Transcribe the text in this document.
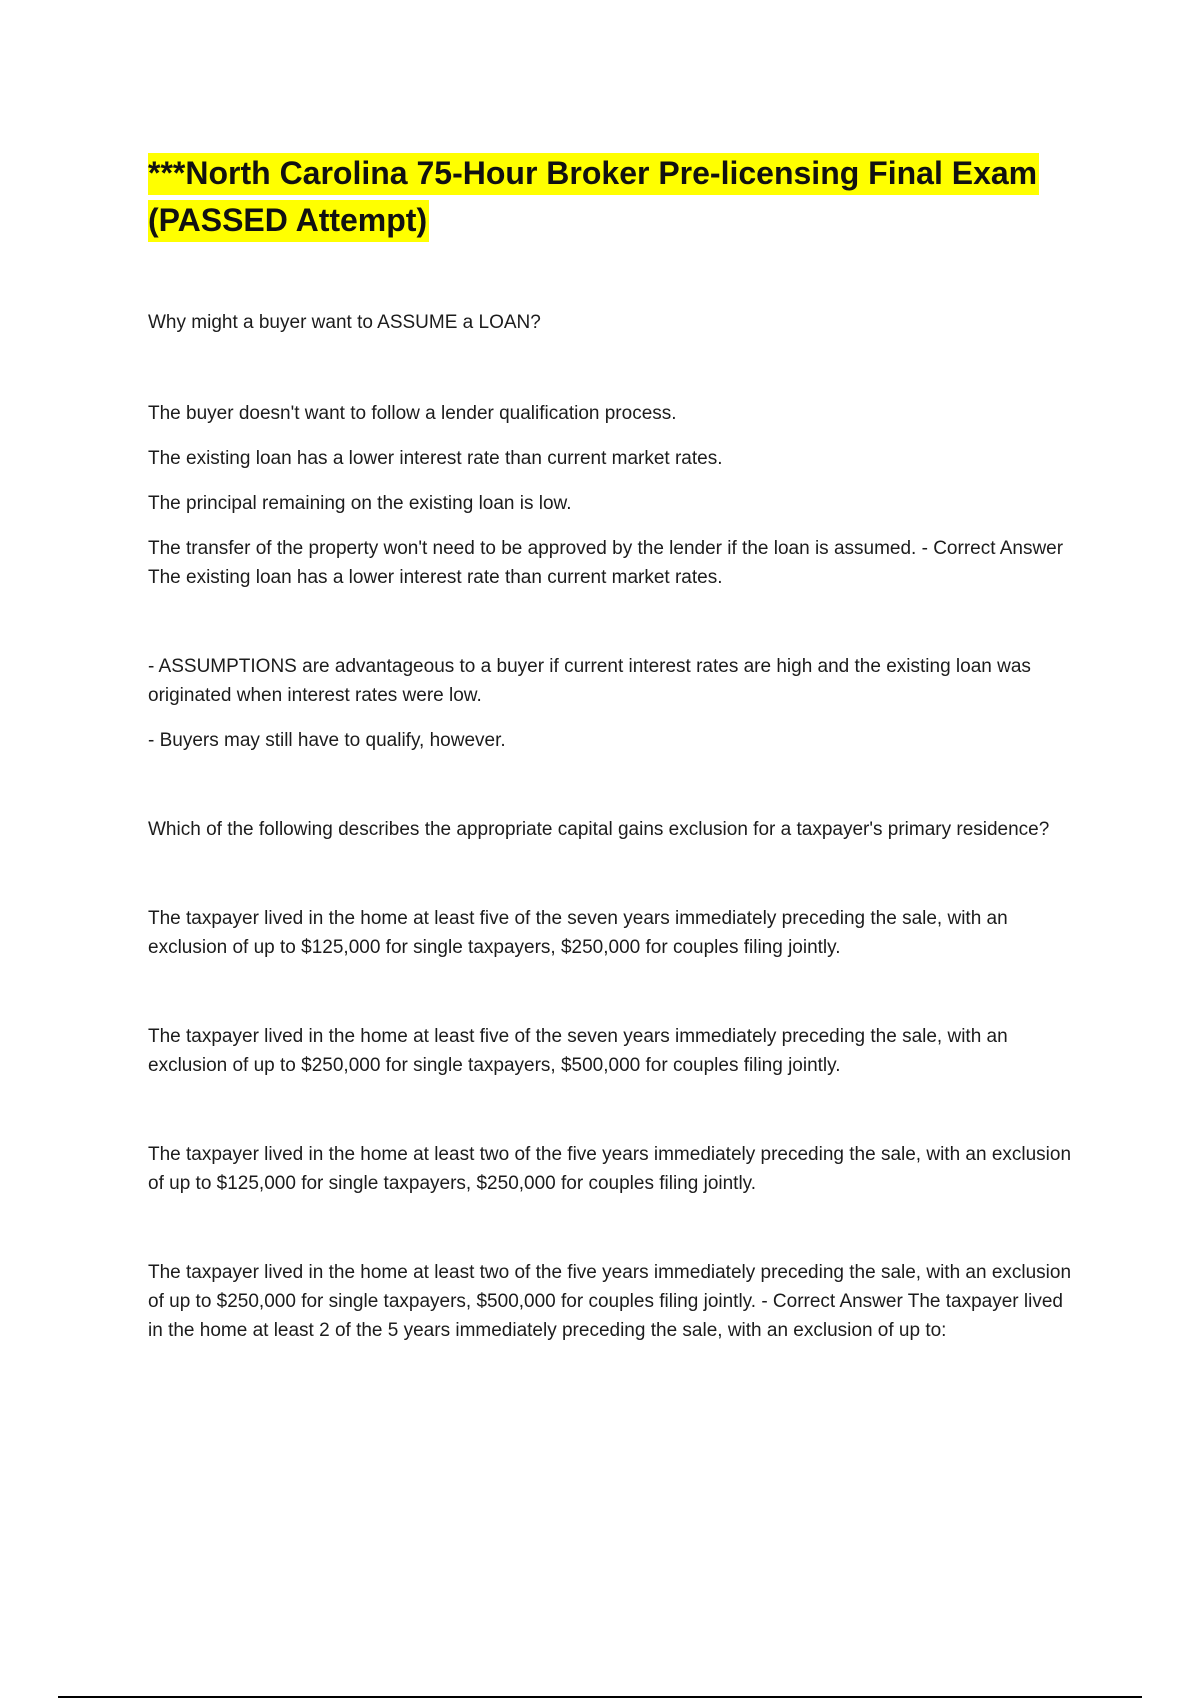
***North Carolina 75-Hour Broker Pre-licensing Final Exam (PASSED Attempt)

Why might a buyer want to ASSUME a LOAN?

The buyer doesn't want to follow a lender qualification process.

The existing loan has a lower interest rate than current market rates.

The principal remaining on the existing loan is low.

The transfer of the property won't need to be approved by the lender if the loan is assumed. - Correct Answer The existing loan has a lower interest rate than current market rates.

- ASSUMPTIONS are advantageous to a buyer if current interest rates are high and the existing loan was originated when interest rates were low.

- Buyers may still have to qualify, however.

Which of the following describes the appropriate capital gains exclusion for a taxpayer's primary residence?

The taxpayer lived in the home at least five of the seven years immediately preceding the sale, with an exclusion of up to $125,000 for single taxpayers, $250,000 for couples filing jointly.

The taxpayer lived in the home at least five of the seven years immediately preceding the sale, with an exclusion of up to $250,000 for single taxpayers, $500,000 for couples filing jointly.

The taxpayer lived in the home at least two of the five years immediately preceding the sale, with an exclusion of up to $125,000 for single taxpayers, $250,000 for couples filing jointly.

The taxpayer lived in the home at least two of the five years immediately preceding the sale, with an exclusion of up to $250,000 for single taxpayers, $500,000 for couples filing jointly. - Correct Answer The taxpayer lived in the home at least 2 of the 5 years immediately preceding the sale, with an exclusion of up to:
